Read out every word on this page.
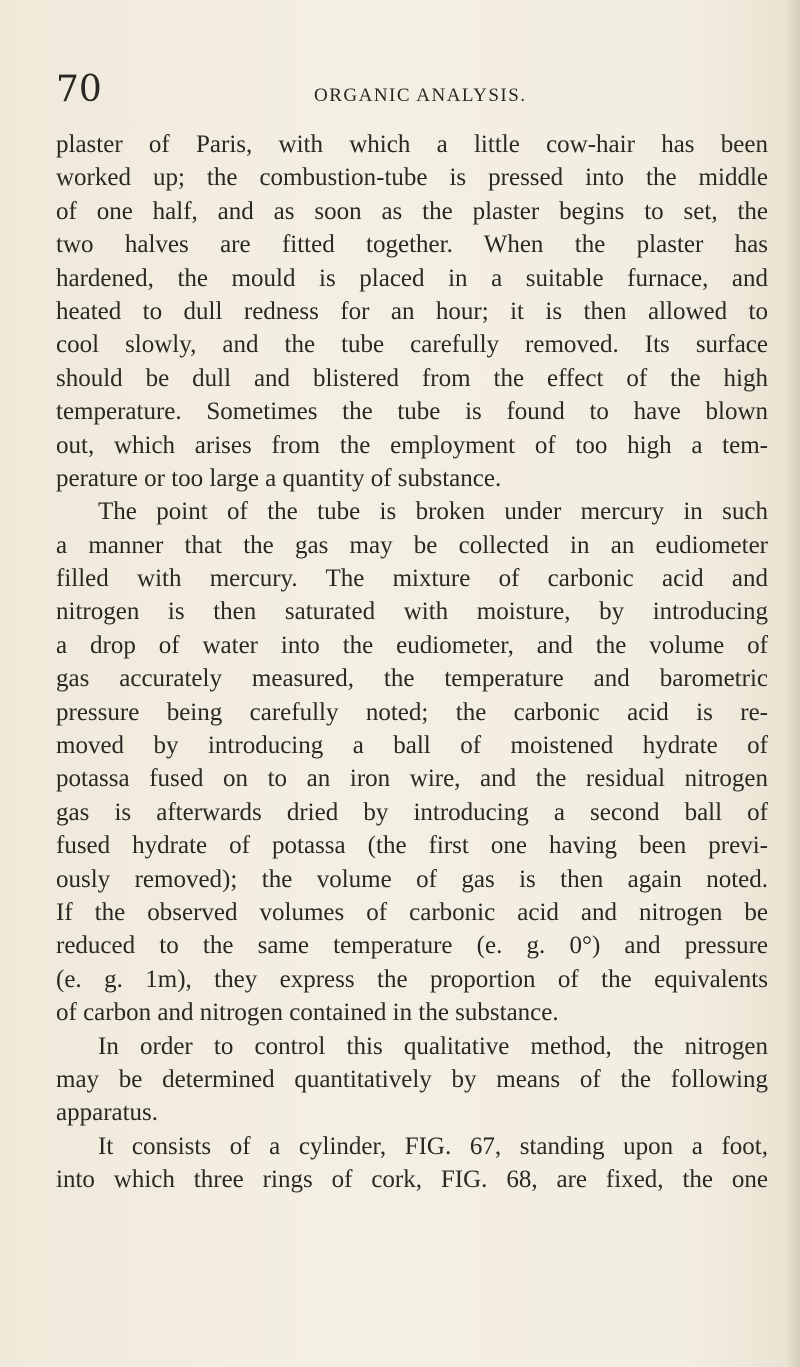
70	ORGANIC ANALYSIS.
plaster of Paris, with which a little cow-hair has been
worked up; the combustion-tube is pressed into the middle
of one half, and as soon as the plaster begins to set, the
two halves are fitted together. When the plaster has
hardened, the mould is placed in a suitable furnace, and
heated to dull redness for an hour; it is then allowed to
cool slowly, and the tube carefully removed. Its surface
should be dull and blistered from the effect of the high
temperature. Sometimes the tube is found to have blown
out, which arises from the employment of too high a tem-
perature or too large a quantity of substance.
The point of the tube is broken under mercury in such
a manner that the gas may be collected in an eudiometer
filled with mercury. The mixture of carbonic acid and
nitrogen is then saturated with moisture, by introducing
a drop of water into the eudiometer, and the volume of
gas accurately measured, the temperature and barometric
pressure being carefully noted; the carbonic acid is re-
moved by introducing a ball of moistened hydrate of
potassa fused on to an iron wire, and the residual nitrogen
gas is afterwards dried by introducing a second ball of
fused hydrate of potassa (the first one having been previ-
ously removed); the volume of gas is then again noted.
If the observed volumes of carbonic acid and nitrogen be
reduced to the same temperature (e. g. 0°) and pressure
(e. g. 1m), they express the proportion of the equivalents
of carbon and nitrogen contained in the substance.
In order to control this qualitative method, the nitrogen
may be determined quantitatively by means of the following
apparatus.
It consists of a cylinder, FIG. 67, standing upon a foot,
into which three rings of cork, FIG. 68, are fixed, the one
